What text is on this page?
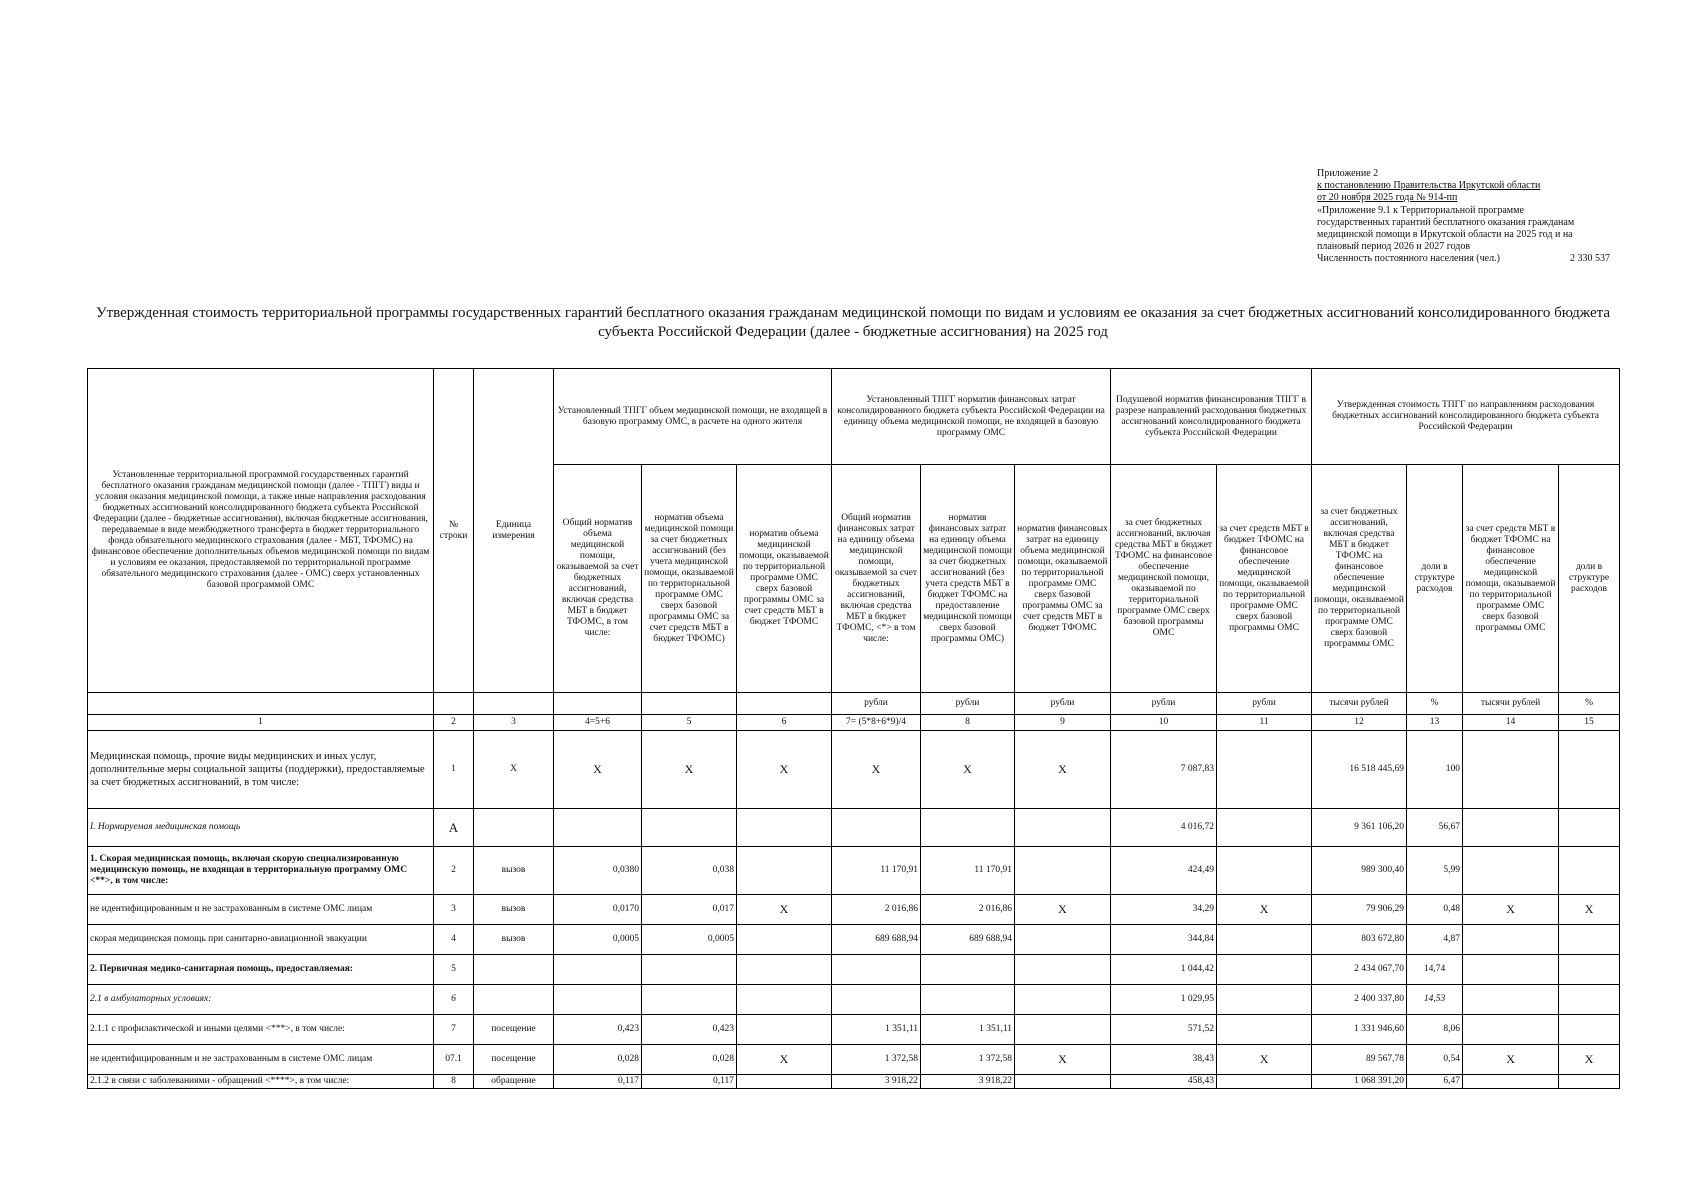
Приложение 2
к постановлению Правительства Иркутской области
от 20 ноября 2025 года № 914-пп
«Приложение 9.1 к Территориальной программе
государственных гарантий бесплатного оказания гражданам
медицинской помощи в Иркутской области на 2025 год и на
плановый период 2026 и 2027 годов
Численность постоянного населения (чел.)	2 330 537
Утвержденная стоимость территориальной программы государственных гарантий бесплатного оказания гражданам медицинской помощи по видам и условиям ее оказания за счет бюджетных ассигнований консолидированного бюджета субъекта Российской Федерации (далее - бюджетные ассигнования) на 2025 год
Установленные территориальной программой государственных гарантий бесплатного оказания гражданам медицинской помощи (далее - ТПГГ) виды и условия оказания медицинской помощи, а также иные направления расходования бюджетных ассигнований консолидированного бюджета субъекта Российской Федерации (далее - бюджетные ассигнования), включая бюджетные ассигнования, передаваемые в виде межбюджетного трансферта в бюджет территориального фонда обязательного медицинского страхования (далее - МБТ, ТФОМС) на финансовое обеспечение дополнительных объемов медицинской помощи по видам и условиям ее оказания, предоставляемой по территориальной программе обязательного медицинского страхования (далее - ОМС) сверх установленных базовой программой ОМС	№ строки	Единица измерения	Установленный ТПГГ объем медицинской помощи, не входящей в базовую программу ОМС, в расчете на одного жителя			Установленный ТПГГ норматив финансовых затрат консолидированного бюджета субъекта Российской Федерации на единицу объема медицинской помощи, не входящей в базовую программу ОМС			Подушевой норматив финансирования ТПГГ в разрезе направлений расходования бюджетных ассигнований консолидированного бюджета субъекта Российской Федерации		Утвержденная стоимость ТПГГ по направлениям расходования бюджетных ассигнований консолидированного бюджета субъекта Российской Федерации			
			Общий норматив объема медицинской помощи, оказываемой за счет бюджетных ассигнований, включая средства МБТ в бюджет ТФОМС, в том числе:	норматив объема медицинской помощи за счет бюджетных ассигнований (без учета медицинской помощи, оказываемой по территориальной программе ОМС сверх базовой программы ОМС за счет средств МБТ в бюджет ТФОМС)	норматив объема медицинской помощи, оказываемой по территориальной программе ОМС сверх базовой программы ОМС за счет средств МБТ в бюджет ТФОМС	Общий норматив финансовых затрат на единицу объема медицинской помощи, оказываемой за счет бюджетных ассигнований, включая средства МБТ в бюджет ТФОМС, <*> в том числе:	норматив финансовых затрат на единицу объема медицинской помощи за счет бюджетных ассигнований (без учета средств МБТ в бюджет ТФОМС на предоставление медицинской помощи сверх базовой программы ОМС)	норматив финансовых затрат на единицу объема медицинской помощи, оказываемой по территориальной программе ОМС сверх базовой программы ОМС за счет средств МБТ в бюджет ТФОМС	за счет бюджетных ассигнований, включая средства МБТ в бюджет ТФОМС на финансовое обеспечение медицинской помощи, оказываемой по территориальной программе ОМС сверх базовой программы ОМС	за счет средств МБТ в бюджет ТФОМС на финансовое обеспечение медицинской помощи, оказываемой по территориальной программе ОМС сверх базовой программы ОМС	за счет бюджетных ассигнований, включая средства МБТ в бюджет ТФОМС на финансовое обеспечение медицинской помощи, оказываемой по территориальной программе ОМС сверх базовой программы ОМС	доли в структуре расходов	за счет средств МБТ в бюджет ТФОМС на финансовое обеспечение медицинской помощи, оказываемой по территориальной программе ОМС сверх базовой программы ОМС	доли в структуре расходов
						рубли	рубли	рубли	рубли	рубли	тысячи рублей	%	тысячи рублей	%
1	2	3	4=5+6	5	6	7= (5*8+6*9)/4	8	9	10	11	12	13	14	15
Медицинская помощь, прочие виды медицинских и иных услуг, дополнительные меры социальной защиты (поддержки), предоставляемые за счет бюджетных ассигнований, в том числе:	1	X	X	X	X	X	X	X	7 087,83		16 518 445,69	100		
I. Нормируемая медицинская помощь	А								4 016,72		9 361 106,20	56,67		
1. Скорая медицинская помощь, включая скорую специализированную медицинскую помощь, не входящая в территориальную программу ОМС <**>, в том числе:	2	вызов	0,0380	0,038		11 170,91	11 170,91		424,49		989 300,40	5,99		
не идентифицированным и не застрахованным в системе ОМС лицам	3	вызов	0,0170	0,017	X	2 016,86	2 016,86	X	34,29	X	79 906,29	0,48	X	X
скорая медицинская помощь при санитарно-авиационной эвакуации	4	вызов	0,0005	0,0005		689 688,94	689 688,94		344,84		803 672,80	4,87		
2. Первичная медико-санитарная помощь, предоставляемая:	5								1 044,42		2 434 067,70	14,74		
2.1 в амбулаторных условиях:	6								1 029,95		2 400 337,80	14,53		
2.1.1 с профилактической и иными целями <***>, в том числе:	7	посещение	0,423	0,423		1 351,11	1 351,11		571,52		1 331 946,60	8,06		
не идентифицированным и не застрахованным в системе ОМС лицам	07.1	посещение	0,028	0,028	X	1 372,58	1 372,58	X	38,43	X	89 567,78	0,54	X	X
2.1.2 в связи с заболеваниями - обращений <****>, в том числе:	8	обращение	0,117	0,117		3 918,22	3 918,22		458,43		1 068 391,20	6,47		
